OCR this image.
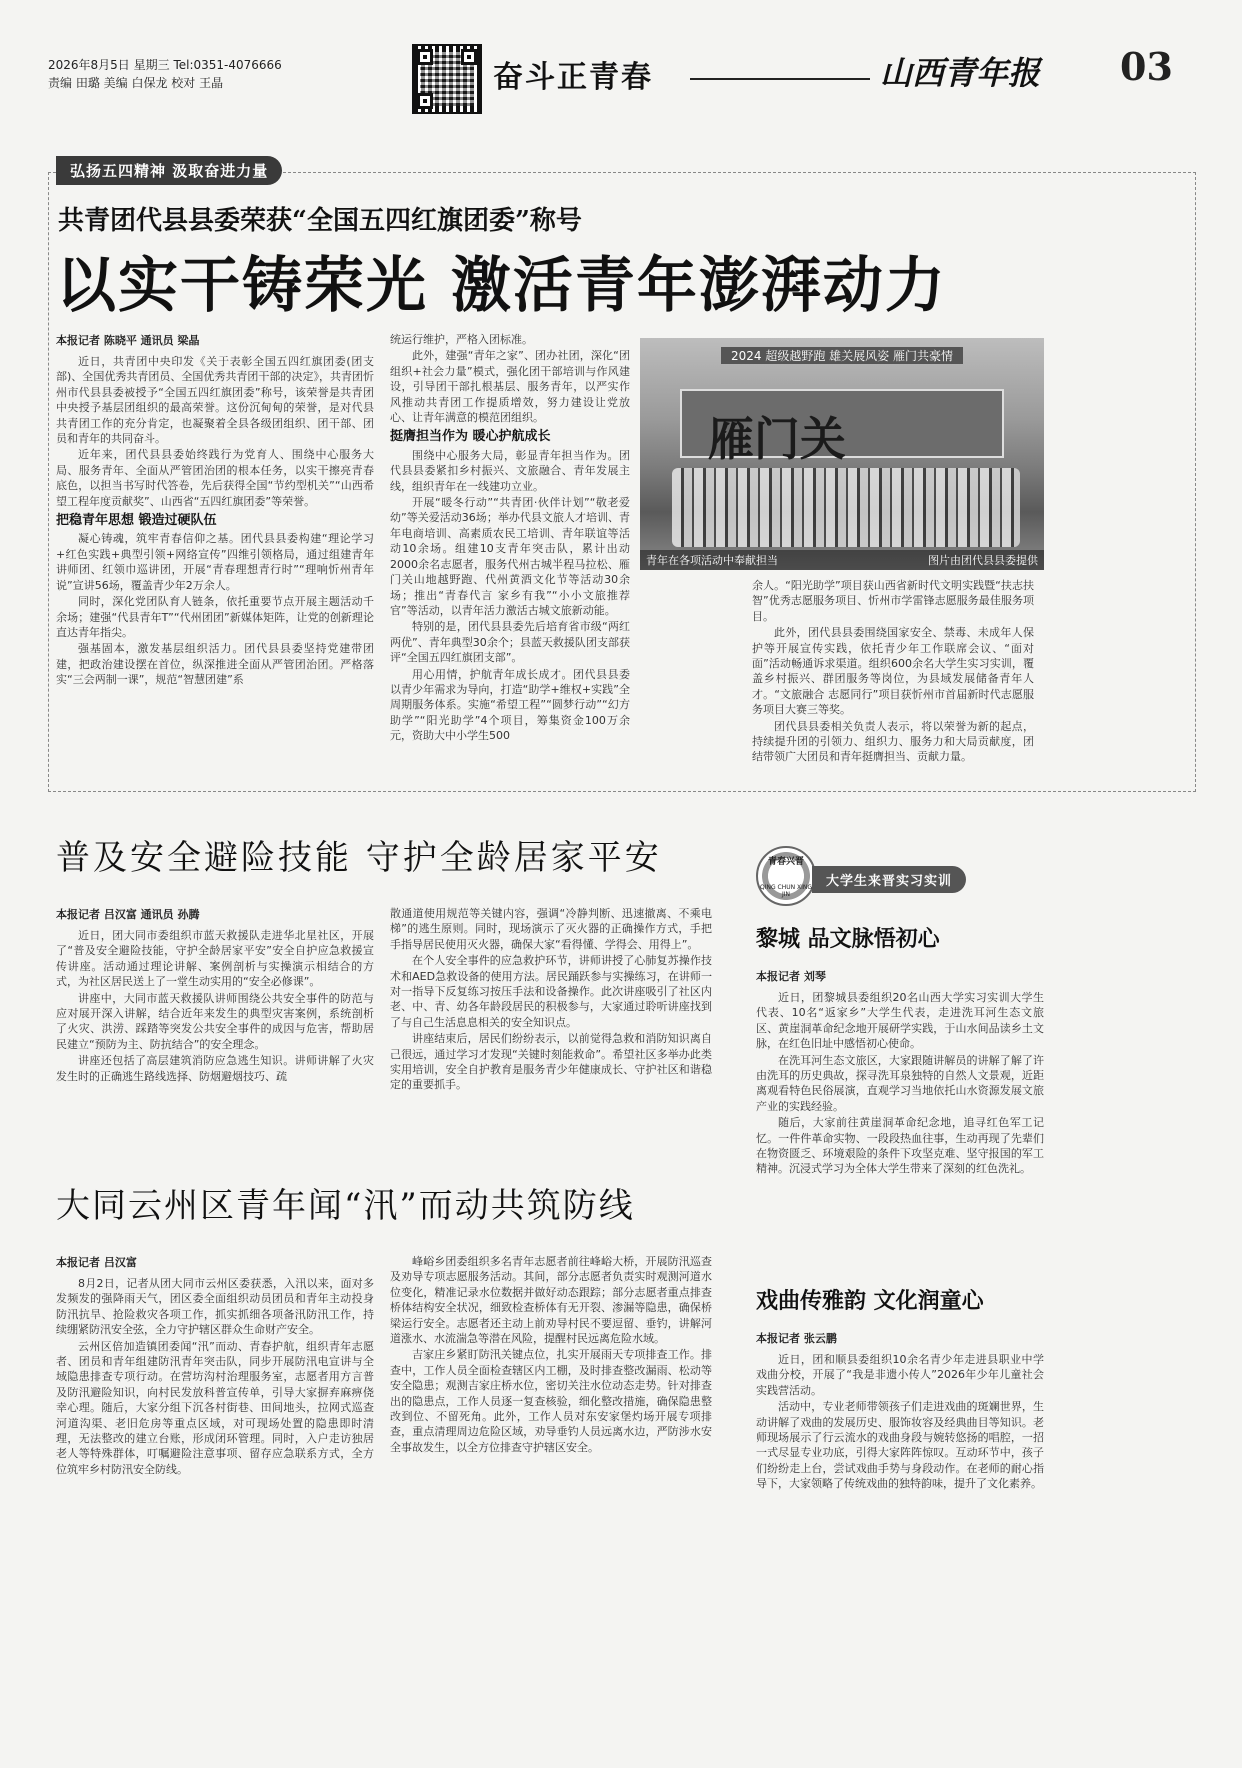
2026年8月5日 星期三 Tel:0351-4076666
责编 田璐 美编 白保龙 校对 王晶	奋斗正青春	山西青年报 03
弘扬五四精神 汲取奋进力量
共青团代县县委荣获“全国五四红旗团委”称号
以实干铸荣光 激活青年澎湃动力
本报记者 陈晓平 通讯员 梁晶

近日，共青团中央印发《关于表彰全国五四红旗团委(团支部)、全国优秀共青团员、全国优秀共青团干部的决定》，共青团忻州市代县县委被授予“全国五四红旗团委”称号，该荣誉是共青团中央授予基层团组织的最高荣誉。这份沉甸甸的荣誉，是对代县共青团工作的充分肯定，也凝聚着全县各级团组织、团干部、团员和青年的共同奋斗。

近年来，团代县县委始终践行为党育人、围绕中心服务大局、服务青年、全面从严管团治团的根本任务，以实干擦亮青春底色，以担当书写时代答卷，先后获得全国“节约型机关”“山西希望工程年度贡献奖”、山西省“五四红旗团委”等荣誉。

把稳青年思想 锻造过硬队伍

凝心铸魂，筑牢青春信仰之基。团代县县委构建“理论学习+红色实践+典型引领+网络宣传”四维引领格局，通过组建青年讲师团、红领巾巡讲团，开展“青春理想青行时”“理响忻州青年说”宣讲56场，覆盖青少年2万余人。

同时，深化党团队育人链条，依托重要节点开展主题活动千余场；建强“代县青年T”“代州团团”新媒体矩阵，让党的创新理论直达青年指尖。

强基固本，激发基层组织活力。团代县县委坚持党建带团建，把政治建设摆在首位，纵深推进全面从严管团治团。严格落实“三会两制一课”，规范“智慧团建”系

统运行维护，严格入团标准。

此外，建强“青年之家”、团办社团，深化“团组织+社会力量”模式，强化团干部培训与作风建设，引导团干部扎根基层、服务青年，以严实作风推动共青团工作提质增效，努力建设让党放心、让青年满意的模范团组织。

挺膺担当作为 暖心护航成长

围绕中心服务大局，彰显青年担当作为。团代县县委紧扣乡村振兴、文旅融合、青年发展主线，组织青年在一线建功立业。

开展“暖冬行动”“共青团·伙伴计划”“敬老爱幼”等关爱活动36场；举办代县文旅人才培训、青年电商培训、高素质农民工培训、青年联谊等活动10余场。组建10支青年突击队，累计出动2000余名志愿者，服务代州古城半程马拉松、雁门关山地越野跑、代州黄酒文化节等活动30余场；推出“青春代言 家乡有我”“小小文旅推荐官”等活动，以青年活力激活古城文旅新动能。

特别的是，团代县县委先后培育省市级“两红两优”、青年典型30余个；县蓝天救援队团支部获评“全国五四红旗团支部”。

用心用情，护航青年成长成才。团代县县委以青少年需求为导向，打造“助学+维权+实践”全周期服务体系。实施“希望工程”“圆梦行动”“幻方助学”“阳光助学”4个项目，筹集资金100万余元，资助大中小学生500

2024 超级越野跑 雄关展风姿 雁门共豪情
雁门关
青年在各项活动中奉献担当	图片由团代县县委提供

余人。“阳光助学”项目获山西省新时代文明实践暨“扶志扶智”优秀志愿服务项目、忻州市学雷锋志愿服务最佳服务项目。

此外，团代县县委围绕国家安全、禁毒、未成年人保护等开展宣传实践，依托青少年工作联席会议、“面对面”活动畅通诉求渠道。组织600余名大学生实习实训，覆盖乡村振兴、群团服务等岗位，为县域发展储备青年人才。“文旅融合 志愿同行”项目获忻州市首届新时代志愿服务项目大赛三等奖。

团代县县委相关负责人表示，将以荣誉为新的起点，持续提升团的引领力、组织力、服务力和大局贡献度，团结带领广大团员和青年挺膺担当、贡献力量。

普及安全避险技能 守护全龄居家平安
本报记者 吕汉富 通讯员 孙腾

近日，团大同市委组织市蓝天救援队走进华北星社区，开展了“普及安全避险技能，守护全龄居家平安”安全自护应急救援宣传讲座。活动通过理论讲解、案例剖析与实操演示相结合的方式，为社区居民送上了一堂生动实用的“安全必修课”。

讲座中，大同市蓝天救援队讲师围绕公共安全事件的防范与应对展开深入讲解，结合近年来发生的典型灾害案例，系统剖析了火灾、洪涝、踩踏等突发公共安全事件的成因与危害，帮助居民建立“预防为主、防抗结合”的安全理念。

讲座还包括了高层建筑消防应急逃生知识。讲师讲解了火灾发生时的正确逃生路线选择、防烟避烟技巧、疏

散通道使用规范等关键内容，强调“冷静判断、迅速撤离、不乘电梯”的逃生原则。同时，现场演示了灭火器的正确操作方式，手把手指导居民使用灭火器，确保大家“看得懂、学得会、用得上”。

在个人安全事件的应急救护环节，讲师讲授了心肺复苏操作技术和AED急救设备的使用方法。居民踊跃参与实操练习，在讲师一对一指导下反复练习按压手法和设备操作。此次讲座吸引了社区内老、中、青、幼各年龄段居民的积极参与，大家通过聆听讲座找到了与自己生活息息相关的安全知识点。

讲座结束后，居民们纷纷表示，以前觉得急救和消防知识离自己很远，通过学习才发现“关键时刻能救命”。希望社区多举办此类实用培训，安全自护教育是服务青少年健康成长、守护社区和谐稳定的重要抓手。

青春兴晋
QING CHUN XING JIN
大学生来晋实习实训
黎城 品文脉悟初心
本报记者 刘琴

近日，团黎城县委组织20名山西大学实习实训大学生代表、10名“返家乡”大学生代表，走进洗耳河生态文旅区、黄崖洞革命纪念地开展研学实践，于山水间品读乡土文脉，在红色旧址中感悟初心使命。

在洗耳河生态文旅区，大家跟随讲解员的讲解了解了许由洗耳的历史典故，探寻洗耳泉独特的自然人文景观，近距离观看特色民俗展演，直观学习当地依托山水资源发展文旅产业的实践经验。

随后，大家前往黄崖洞革命纪念地，追寻红色军工记忆。一件件革命实物、一段段热血往事，生动再现了先辈们在物资匮乏、环境艰险的条件下攻坚克难、坚守报国的军工精神。沉浸式学习为全体大学生带来了深刻的红色洗礼。

戏曲传雅韵 文化润童心
本报记者 张云鹏

近日，团和顺县委组织10余名青少年走进县职业中学戏曲分校，开展了“我是非遗小传人”2026年少年儿童社会实践营活动。

活动中，专业老师带领孩子们走进戏曲的斑斓世界，生动讲解了戏曲的发展历史、服饰妆容及经典曲目等知识。老师现场展示了行云流水的戏曲身段与婉转悠扬的唱腔，一招一式尽显专业功底，引得大家阵阵惊叹。互动环节中，孩子们纷纷走上台，尝试戏曲手势与身段动作。在老师的耐心指导下，大家领略了传统戏曲的独特韵味，提升了文化素养。

大同云州区青年闻“汛”而动共筑防线
本报记者 吕汉富

8月2日，记者从团大同市云州区委获悉，入汛以来，面对多发频发的强降雨天气，团区委全面组织动员团员和青年主动投身防汛抗旱、抢险救灾各项工作，抓实抓细各项备汛防汛工作，持续绷紧防汛安全弦，全力守护辖区群众生命财产安全。

云州区倍加造镇团委闻“汛”而动、青春护航，组织青年志愿者、团员和青年组建防汛青年突击队，同步开展防汛电宣讲与全域隐患排查专项行动。在营坊沟村治理服务室，志愿者用方言普及防汛避险知识，向村民发放科普宣传单，引导大家摒弃麻痹侥幸心理。随后，大家分组下沉各村街巷、田间地头，拉网式巡查河道沟渠、老旧危房等重点区域，对可现场处置的隐患即时清理，无法整改的建立台账，形成闭环管理。同时，入户走访独居老人等特殊群体，叮嘱避险注意事项、留存应急联系方式，全方位筑牢乡村防汛安全防线。

峰峪乡团委组织多名青年志愿者前往峰峪大桥，开展防汛巡查及劝导专项志愿服务活动。其间，部分志愿者负责实时观测河道水位变化，精准记录水位数据并做好动态跟踪；部分志愿者重点排查桥体结构安全状况，细致检查桥体有无开裂、渗漏等隐患，确保桥梁运行安全。志愿者还主动上前劝导村民不要逗留、垂钓，讲解河道涨水、水流湍急等潜在风险，提醒村民远离危险水域。

吉家庄乡紧盯防汛关键点位，扎实开展雨天专项排查工作。排查中，工作人员全面检查辖区内工棚，及时排查整改漏雨、松动等安全隐患；观测吉家庄桥水位，密切关注水位动态走势。针对排查出的隐患点，工作人员逐一复查核验，细化整改措施，确保隐患整改到位、不留死角。此外，工作人员对东安家堡灼场开展专项排查，重点清理周边危险区域，劝导垂钓人员远离水边，严防涉水安全事故发生，以全方位排查守护辖区安全。
